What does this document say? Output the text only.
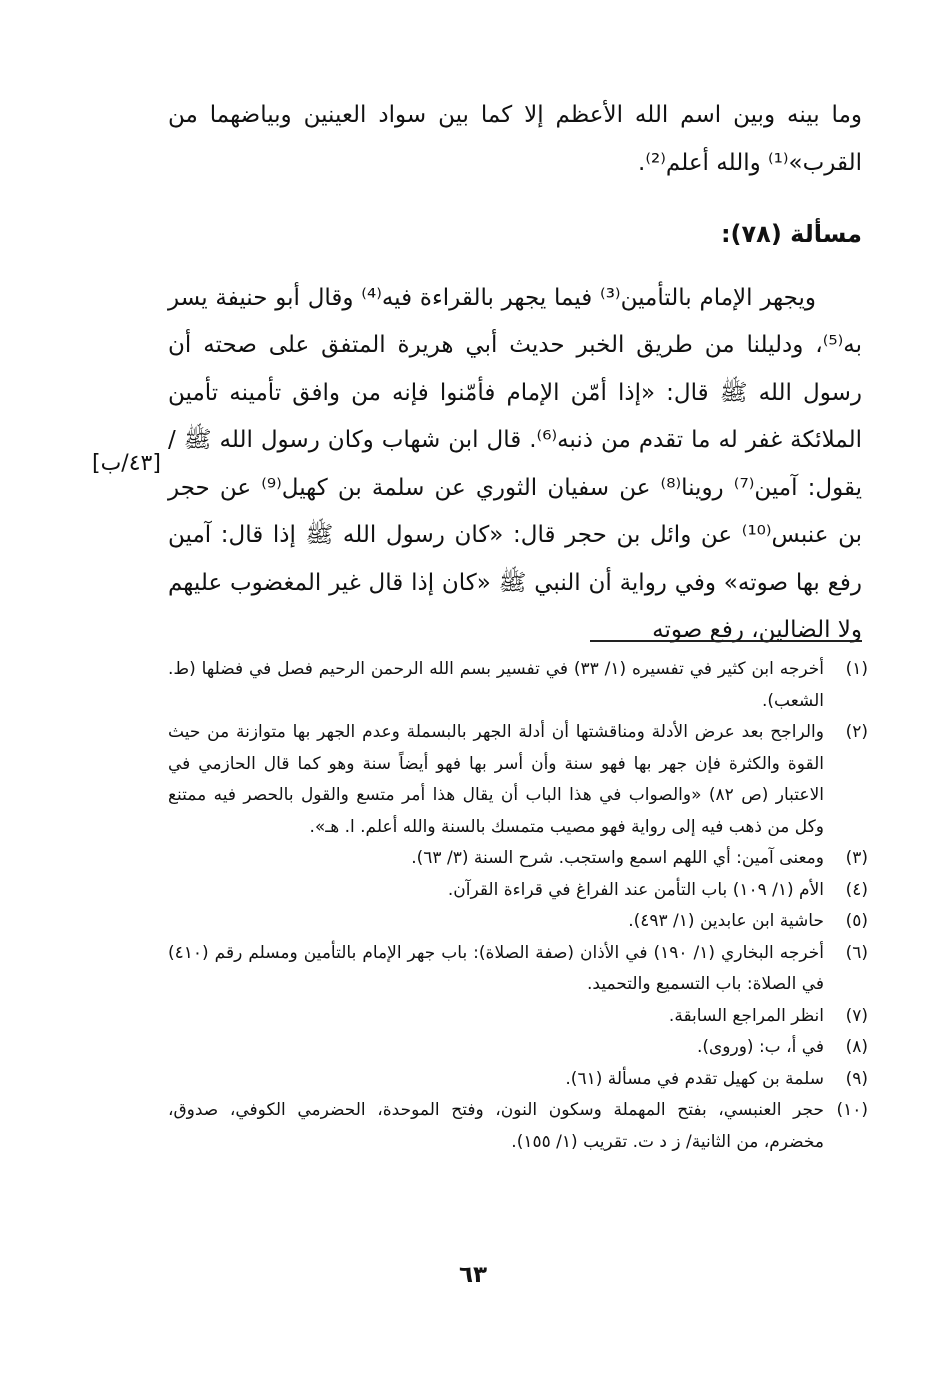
وما بينه وبين اسم الله الأعظم إلا كما بين سواد العينين وبياضهما من القرب»⁽¹⁾ والله أعلم⁽²⁾.

مسألة (٧٨):

ويجهر الإمام بالتأمين⁽³⁾ فيما يجهر بالقراءة فيه⁽⁴⁾ وقال أبو حنيفة يسر به⁽⁵⁾، ودليلنا من طريق الخبر حديث أبي هريرة المتفق على صحته أن رسول الله ﷺ قال: «إذا أمّن الإمام فأمّنوا فإنه من وافق تأمينه تأمين الملائكة غفر له ما تقدم من ذنبه⁽⁶⁾. قال ابن شهاب وكان رسول الله ﷺ / يقول: آمين⁽⁷⁾ روينا⁽⁸⁾ عن سفيان الثوري عن سلمة بن كهيل⁽⁹⁾ عن حجر بن عنبس⁽¹⁰⁾ عن وائل بن حجر قال: «كان رسول الله ﷺ إذا قال: آمين رفع بها صوته» وفي رواية أن النبي ﷺ «كان إذا قال غير المغضوب عليهم ولا الضالين، رفع صوته

[٤٣/ب]
(١)
أخرجه ابن كثير في تفسيره (١/ ٣٣) في تفسير بسم الله الرحمن الرحيم فصل في فضلها (ط. الشعب).
(٢)
والراجح بعد عرض الأدلة ومناقشتها أن أدلة الجهر بالبسملة وعدم الجهر بها متوازنة من حيث القوة والكثرة فإن جهر بها فهو سنة وأن أسر بها فهو أيضاً سنة وهو كما قال الحازمي في الاعتبار (ص ٨٢) «والصواب في هذا الباب أن يقال هذا أمر متسع والقول بالحصر فيه ممتنع وكل من ذهب فيه إلى رواية فهو مصيب متمسك بالسنة والله أعلم. ا. هـ».
(٣)
ومعنى آمين: أي اللهم اسمع واستجب. شرح السنة (٣/ ٦٣).
(٤)
الأم (١/ ١٠٩) باب التأمن عند الفراغ في قراءة القرآن.
(٥)
حاشية ابن عابدين (١/ ٤٩٣).
(٦)
أخرجه البخاري (١/ ١٩٠) في الأذان (صفة الصلاة): باب جهر الإمام بالتأمين ومسلم رقم (٤١٠) في الصلاة: باب التسميع والتحميد.
(٧)
انظر المراجع السابقة.
(٨)
في أ، ب: (وروى).
(٩)
سلمة بن كهيل تقدم في مسألة (٦١).
(١٠)
حجر العنبسي، بفتح المهملة وسكون النون، وفتح الموحدة، الحضرمي الكوفي، صدوق، مخضرم، من الثانية/ ز د ت. تقريب (١/ ١٥٥).
٦٣
